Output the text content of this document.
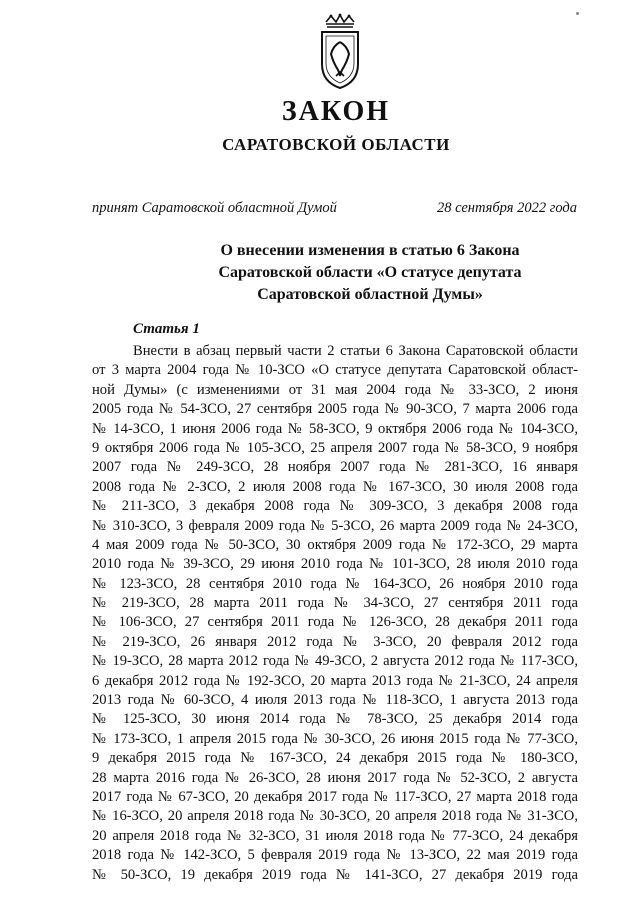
ЗАКОН
САРАТОВСКОЙ ОБЛАСТИ
принят Саратовской областной Думой	28 сентября 2022 года
О внесении изменения в статью 6 Закона
Саратовской области «О статусе депутата
Саратовской областной Думы»
Статья 1
Внести в абзац первый части 2 статьи 6 Закона Саратовской области
от 3 марта 2004 года № 10-ЗСО «О статусе депутата Саратовской област-
ной Думы» (с изменениями от 31 мая 2004 года № 33-ЗСО, 2 июня
2005 года № 54-ЗСО, 27 сентября 2005 года № 90-ЗСО, 7 марта 2006 года
№ 14-ЗСО, 1 июня 2006 года № 58-ЗСО, 9 октября 2006 года № 104-ЗСО,
9 октября 2006 года № 105-ЗСО, 25 апреля 2007 года № 58-ЗСО, 9 ноября
2007 года № 249-ЗСО, 28 ноября 2007 года № 281-ЗСО, 16 января
2008 года № 2-ЗСО, 2 июля 2008 года № 167-ЗСО, 30 июля 2008 года
№ 211-ЗСО, 3 декабря 2008 года № 309-ЗСО, 3 декабря 2008 года
№ 310-ЗСО, 3 февраля 2009 года № 5-ЗСО, 26 марта 2009 года № 24-ЗСО,
4 мая 2009 года № 50-ЗСО, 30 октября 2009 года № 172-ЗСО, 29 марта
2010 года № 39-ЗСО, 29 июня 2010 года № 101-ЗСО, 28 июля 2010 года
№ 123-ЗСО, 28 сентября 2010 года № 164-ЗСО, 26 ноября 2010 года
№ 219-ЗСО, 28 марта 2011 года № 34-ЗСО, 27 сентября 2011 года
№ 106-ЗСО, 27 сентября 2011 года № 126-ЗСО, 28 декабря 2011 года
№ 219-ЗСО, 26 января 2012 года № 3-ЗСО, 20 февраля 2012 года
№ 19-ЗСО, 28 марта 2012 года № 49-ЗСО, 2 августа 2012 года № 117-ЗСО,
6 декабря 2012 года № 192-ЗСО, 20 марта 2013 года № 21-ЗСО, 24 апреля
2013 года № 60-ЗСО, 4 июля 2013 года № 118-ЗСО, 1 августа 2013 года
№ 125-ЗСО, 30 июня 2014 года № 78-ЗСО, 25 декабря 2014 года
№ 173-ЗСО, 1 апреля 2015 года № 30-ЗСО, 26 июня 2015 года № 77-ЗСО,
9 декабря 2015 года № 167-ЗСО, 24 декабря 2015 года № 180-ЗСО,
28 марта 2016 года № 26-ЗСО, 28 июня 2017 года № 52-ЗСО, 2 августа
2017 года № 67-ЗСО, 20 декабря 2017 года № 117-ЗСО, 27 марта 2018 года
№ 16-ЗСО, 20 апреля 2018 года № 30-ЗСО, 20 апреля 2018 года № 31-ЗСО,
20 апреля 2018 года № 32-ЗСО, 31 июля 2018 года № 77-ЗСО, 24 декабря
2018 года № 142-ЗСО, 5 февраля 2019 года № 13-ЗСО, 22 мая 2019 года
№ 50-ЗСО, 19 декабря 2019 года № 141-ЗСО, 27 декабря 2019 года
